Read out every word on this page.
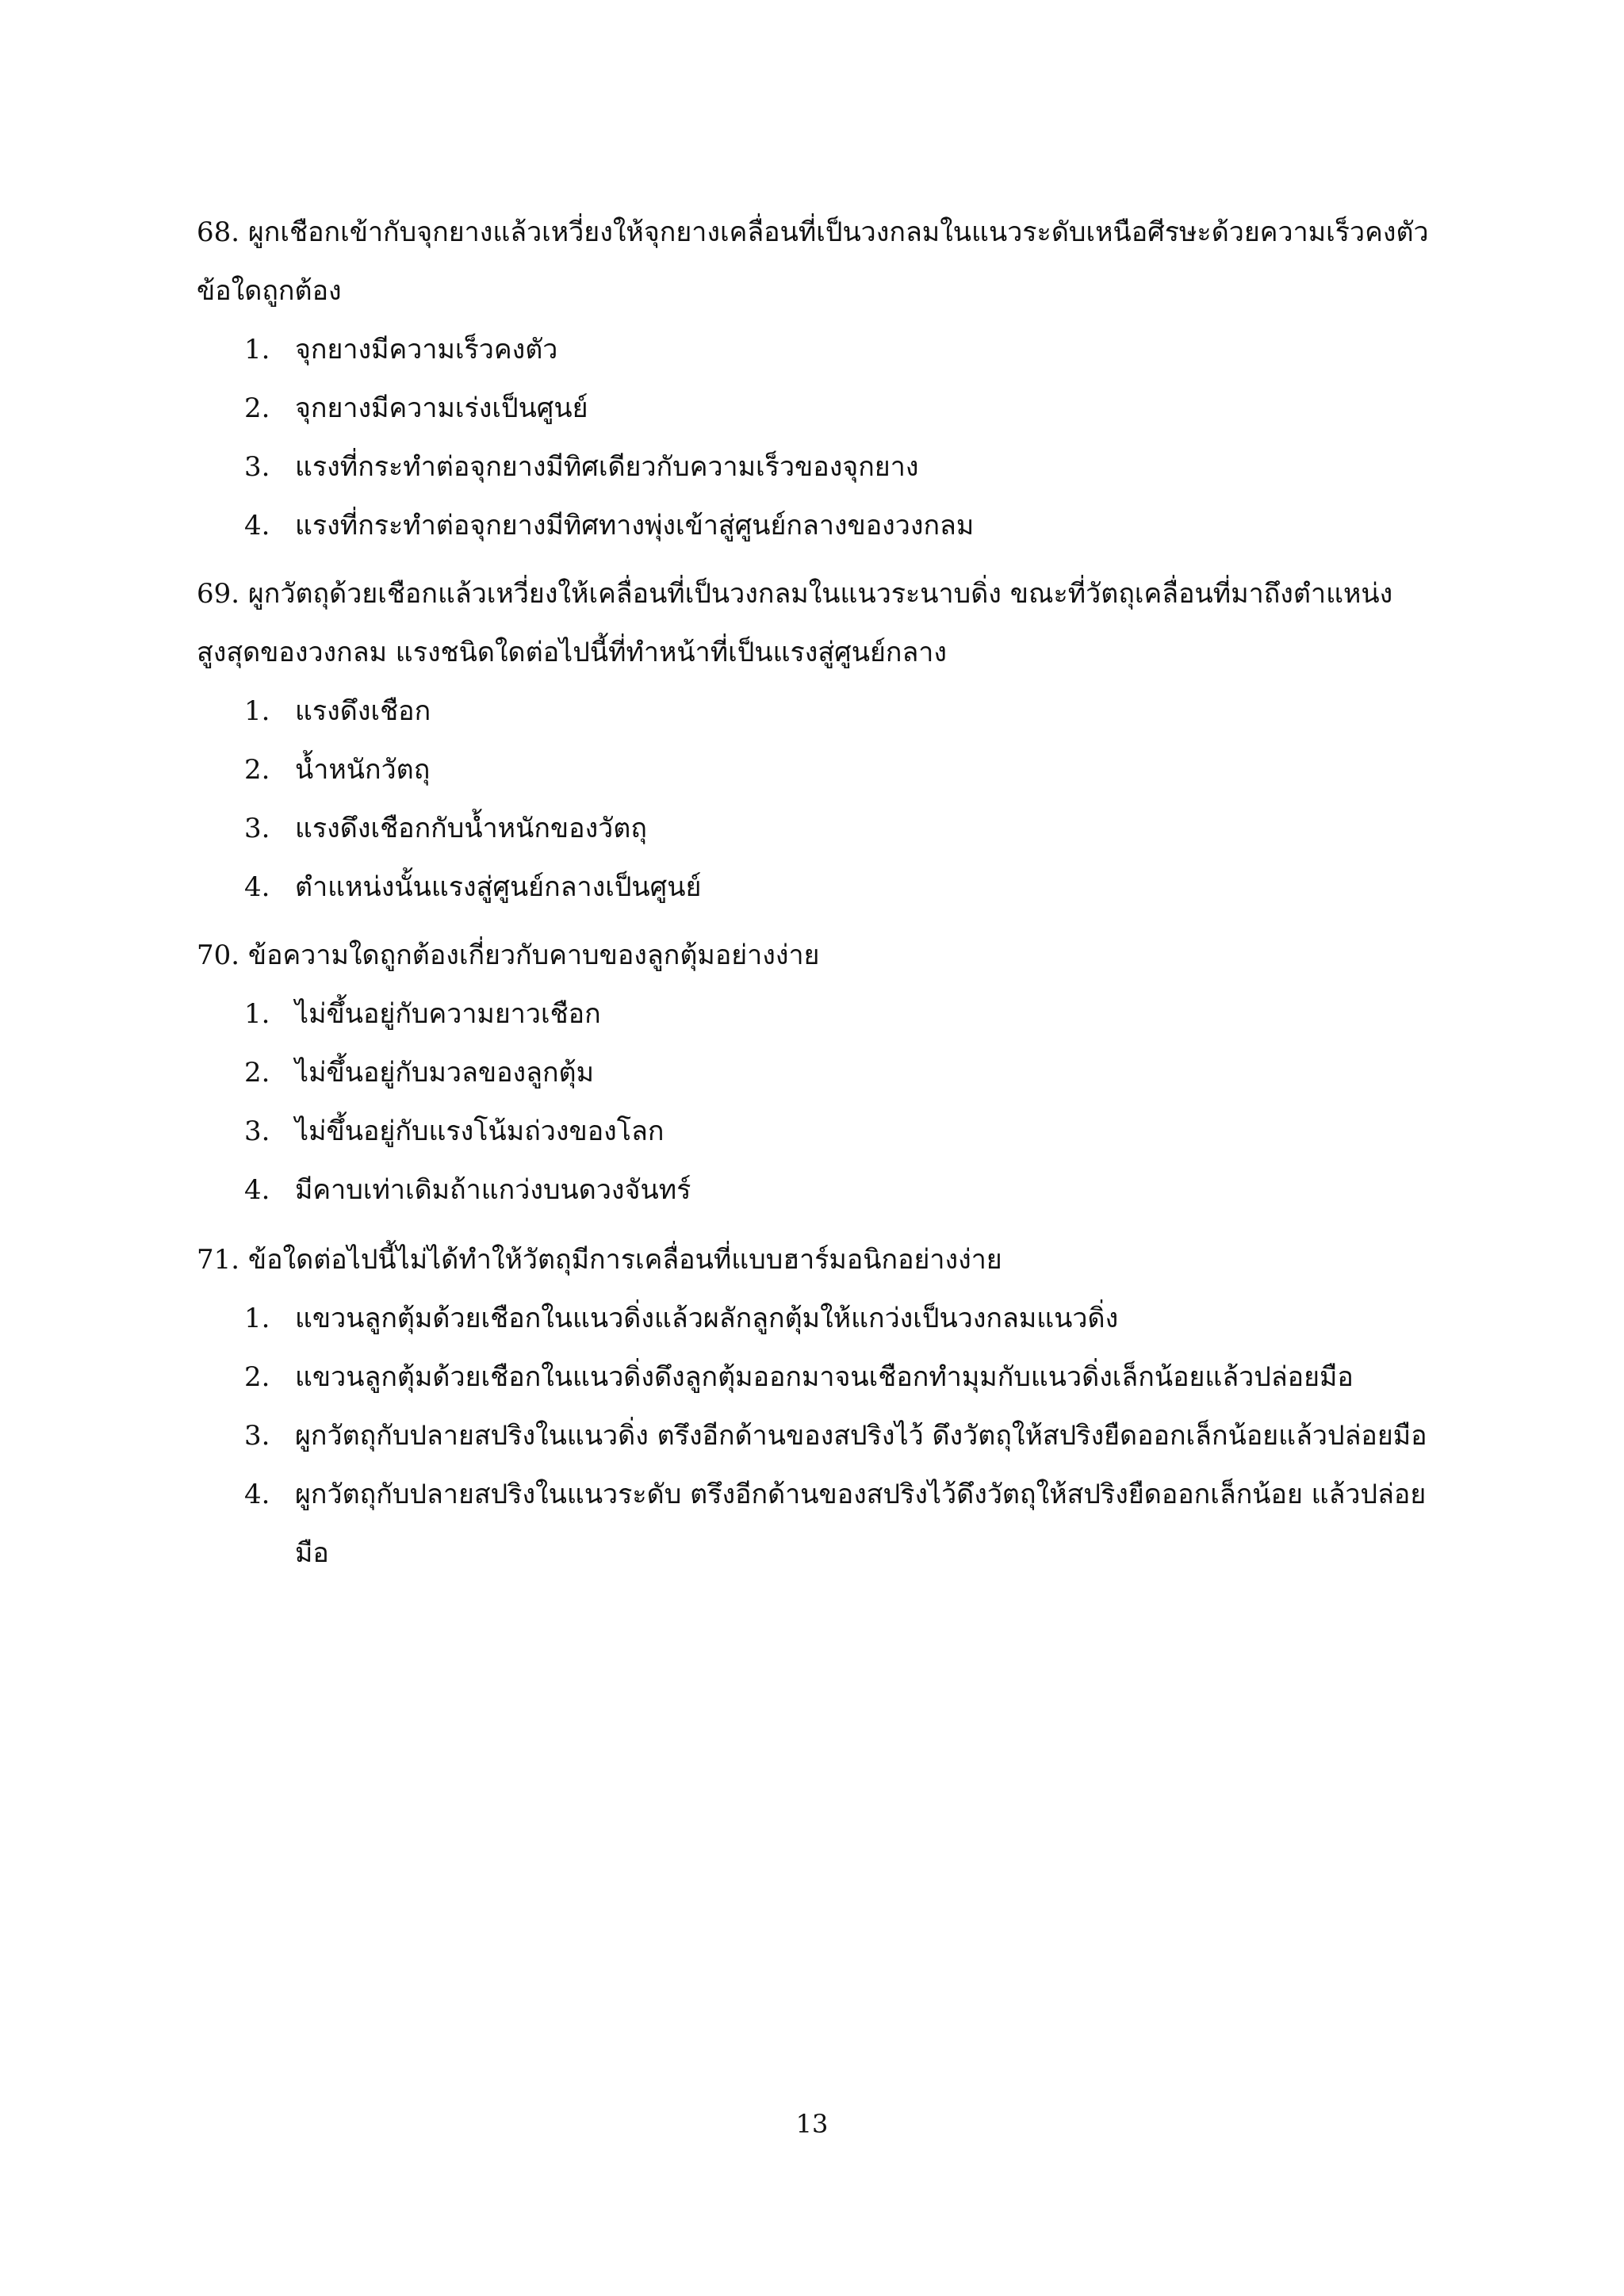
68. ผูกเชือกเข้ากับจุกยางแล้วเหวี่ยงให้จุกยางเคลื่อนที่เป็นวงกลมในแนวระดับเหนือศีรษะด้วยความเร็วคงตัว ข้อใดถูกต้อง
1. จุกยางมีความเร็วคงตัว
2. จุกยางมีความเร่งเป็นศูนย์
3. แรงที่กระทำต่อจุกยางมีทิศเดียวกับความเร็วของจุกยาง
4. แรงที่กระทำต่อจุกยางมีทิศทางพุ่งเข้าสู่ศูนย์กลางของวงกลม
69. ผูกวัตถุด้วยเชือกแล้วเหวี่ยงให้เคลื่อนที่เป็นวงกลมในแนวระนาบดิ่ง ขณะที่วัตถุเคลื่อนที่มาถึงตำแหน่งสูงสุดของวงกลม แรงชนิดใดต่อไปนี้ที่ทำหน้าที่เป็นแรงสู่ศูนย์กลาง
1. แรงดึงเชือก
2. น้ำหนักวัตถุ
3. แรงดึงเชือกกับน้ำหนักของวัตถุ
4. ตำแหน่งนั้นแรงสู่ศูนย์กลางเป็นศูนย์
70. ข้อความใดถูกต้องเกี่ยวกับคาบของลูกตุ้มอย่างง่าย
1. ไม่ขึ้นอยู่กับความยาวเชือก
2. ไม่ขึ้นอยู่กับมวลของลูกตุ้ม
3. ไม่ขึ้นอยู่กับแรงโน้มถ่วงของโลก
4. มีคาบเท่าเดิมถ้าแกว่งบนดวงจันทร์
71. ข้อใดต่อไปนี้ไม่ได้ทำให้วัตถุมีการเคลื่อนที่แบบฮาร์มอนิกอย่างง่าย
1. แขวนลูกตุ้มด้วยเชือกในแนวดิ่งแล้วผลักลูกตุ้มให้แกว่งเป็นวงกลมแนวดิ่ง
2. แขวนลูกตุ้มด้วยเชือกในแนวดิ่งดึงลูกตุ้มออกมาจนเชือกทำมุมกับแนวดิ่งเล็กน้อยแล้วปล่อยมือ
3. ผูกวัตถุกับปลายสปริงในแนวดิ่ง ตรึงอีกด้านของสปริงไว้ ดึงวัตถุให้สปริงยืดออกเล็กน้อยแล้วปล่อยมือ
4. ผูกวัตถุกับปลายสปริงในแนวระดับ ตรึงอีกด้านของสปริงไว้ดึงวัตถุให้สปริงยืดออกเล็กน้อย แล้วปล่อยมือ
13
